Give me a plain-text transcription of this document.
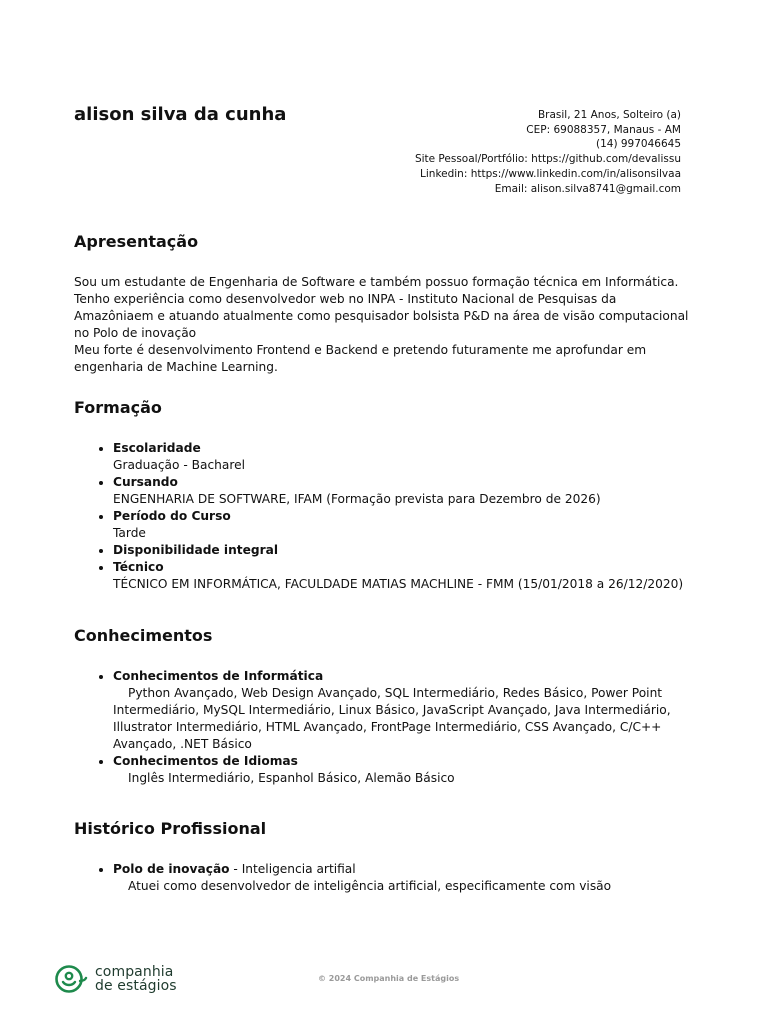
alison silva da cunha	Brasil, 21 Anos, Solteiro (a)
CEP: 69088357, Manaus - AM
(14) 997046645
Site Pessoal/Portfólio: https://github.com/devalissu
Linkedin: https://www.linkedin.com/in/alisonsilvaa
Email: alison.silva8741@gmail.com
Apresentação
Sou um estudante de Engenharia de Software e também possuo formação técnica em Informática.
Tenho experiência como desenvolvedor web no INPA - Instituto Nacional de Pesquisas da
Amazôniaem e atuando atualmente como pesquisador bolsista P&D na área de visão computacional
no Polo de inovação
Meu forte é desenvolvimento Frontend e Backend e pretendo futuramente me aprofundar em
engenharia de Machine Learning.
Formação
• Escolaridade
Graduação - Bacharel
• Cursando
ENGENHARIA DE SOFTWARE, IFAM (Formação prevista para Dezembro de 2026)
• Período do Curso
Tarde
• Disponibilidade integral
• Técnico
TÉCNICO EM INFORMÁTICA, FACULDADE MATIAS MACHLINE - FMM (15/01/2018 a 26/12/2020)
Conhecimentos
• Conhecimentos de Informática
Python Avançado, Web Design Avançado, SQL Intermediário, Redes Básico, Power Point
Intermediário, MySQL Intermediário, Linux Básico, JavaScript Avançado, Java Intermediário,
Illustrator Intermediário, HTML Avançado, FrontPage Intermediário, CSS Avançado, C/C++
Avançado, .NET Básico
• Conhecimentos de Idiomas
Inglês Intermediário, Espanhol Básico, Alemão Básico
Histórico Profissional
• Polo de inovação - Inteligencia artifial
Atuei como desenvolvedor de inteligência artificial, especificamente com visão
companhia
de estágios	© 2024 Companhia de Estágios
